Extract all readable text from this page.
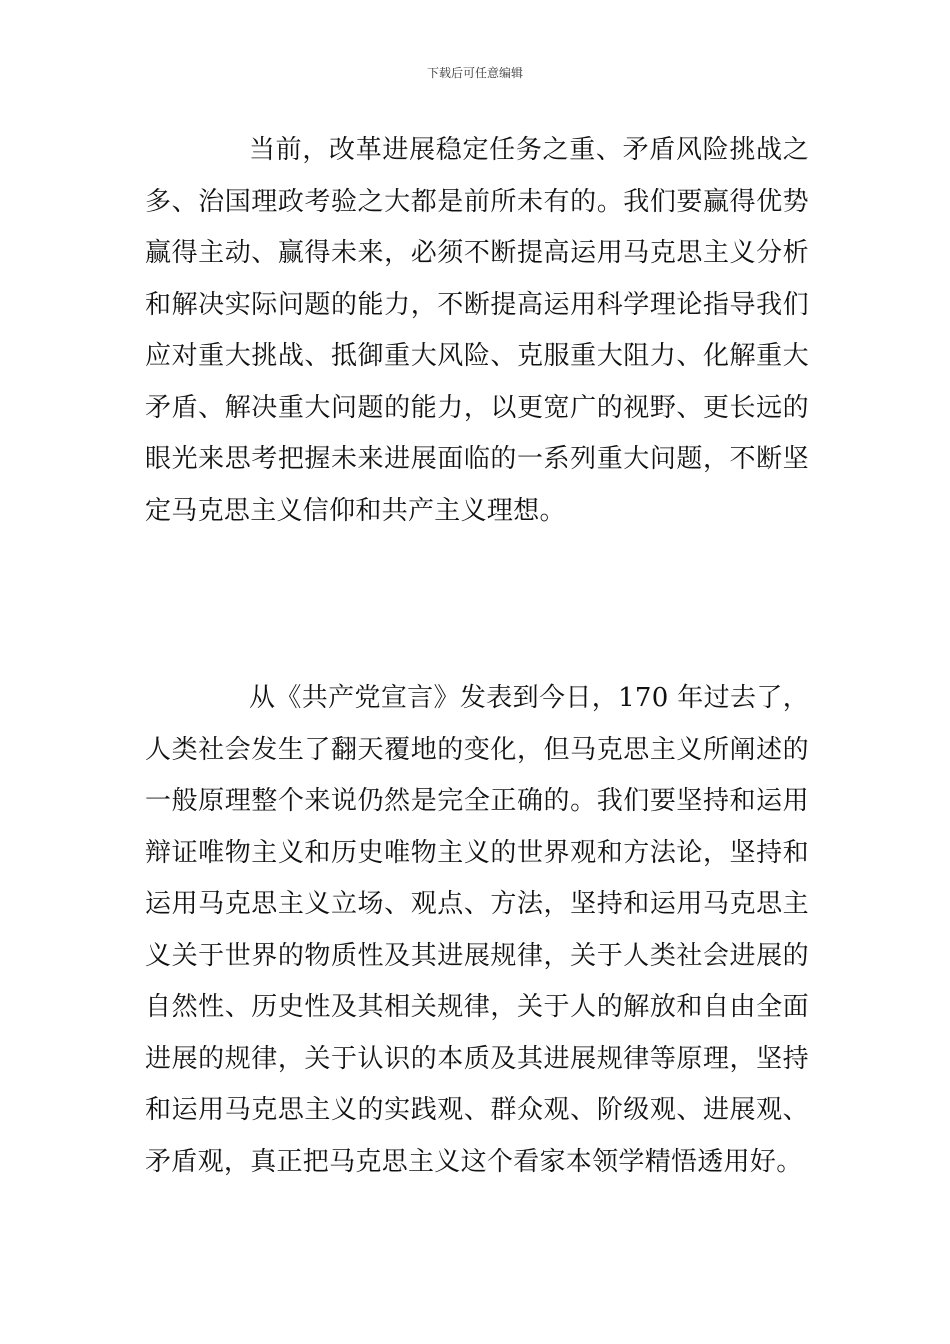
下载后可任意编辑

当前，改革进展稳定任务之重、矛盾风险挑战之多、治国理政考验之大都是前所未有的。我们要赢得优势赢得主动、赢得未来，必须不断提高运用马克思主义分析和解决实际问题的能力，不断提高运用科学理论指导我们应对重大挑战、抵御重大风险、克服重大阻力、化解重大矛盾、解决重大问题的能力，以更宽广的视野、更长远的眼光来思考把握未来进展面临的一系列重大问题，不断坚定马克思主义信仰和共产主义理想。

从《共产党宣言》发表到今日，170 年过去了，人类社会发生了翻天覆地的变化，但马克思主义所阐述的一般原理整个来说仍然是完全正确的。我们要坚持和运用辩证唯物主义和历史唯物主义的世界观和方法论，坚持和运用马克思主义立场、观点、方法，坚持和运用马克思主义关于世界的物质性及其进展规律，关于人类社会进展的自然性、历史性及其相关规律，关于人的解放和自由全面进展的规律，关于认识的本质及其进展规律等原理，坚持和运用马克思主义的实践观、群众观、阶级观、进展观、矛盾观，真正把马克思主义这个看家本领学精悟透用好。
